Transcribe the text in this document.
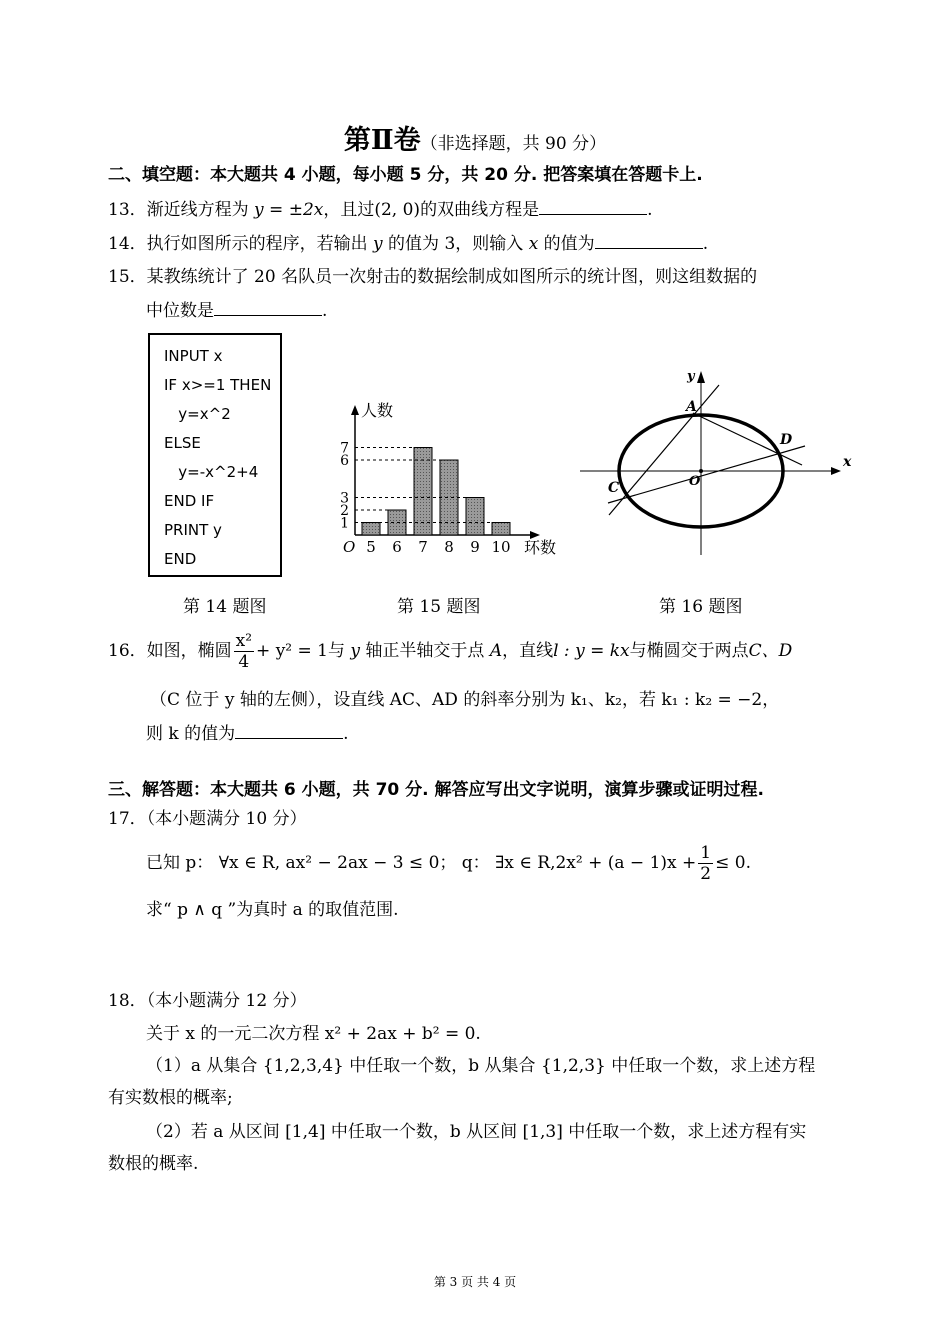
第Ⅱ卷（非选择题，共 90 分）
二、填空题：本大题共 4 小题，每小题 5 分，共 20 分. 把答案填在答题卡上.
13．渐近线方程为 y = ±2x，且过(2, 0)的双曲线方程是	.
14．执行如图所示的程序，若输出 y 的值为 3，则输入 x 的值为	.
15．某教练统计了 20 名队员一次射击的数据绘制成如图所示的统计图，则这组数据的
中位数是	.
INPUT x
IF x>=1 THEN
y=x^2
ELSE
y=-x^2+4
END IF
PRINT y
END
人数
环数
O 5 6 7 8 9 10
1
2
3
6
7
y
x
A
D
C	O
第 14 题图	第 15 题图	第 16 题图
16．如图，椭圆 $\frac{\text{x²}}{4} + y^2 = 1$与 y 轴正半轴交于点 A，直线l : y = kx与椭圆交于两点C、D
（C 位于 y 轴的左侧），设直线 AC、AD 的斜率分别为 k₁、k₂，若 k₁ : k₂ = −2，
则 k 的值为	.
三、解答题：本大题共 6 小题，共 70 分. 解答应写出文字说明，演算步骤或证明过程.
17．（本小题满分 10 分）
已知 p： ∀x ∈ R, ax² − 2ax − 3 ≤ 0； q： ∃x ∈ $R,2x^2 + (a - 1)x + \frac{1}{2} \le 0$.
求“ p ∧ q ”为真时 a 的取值范围.
18．（本小题满分 12 分）
关于 x 的一元二次方程 x² + 2ax + b² = 0.
（1）a 从集合 {1,2,3,4} 中任取一个数，b 从集合 {1,2,3} 中任取一个数，求上述方程
有实数根的概率;
（2）若 a 从区间 [1,4] 中任取一个数，b 从区间 [1,3] 中任取一个数，求上述方程有实
数根的概率.
第 3 页 共 4 页
